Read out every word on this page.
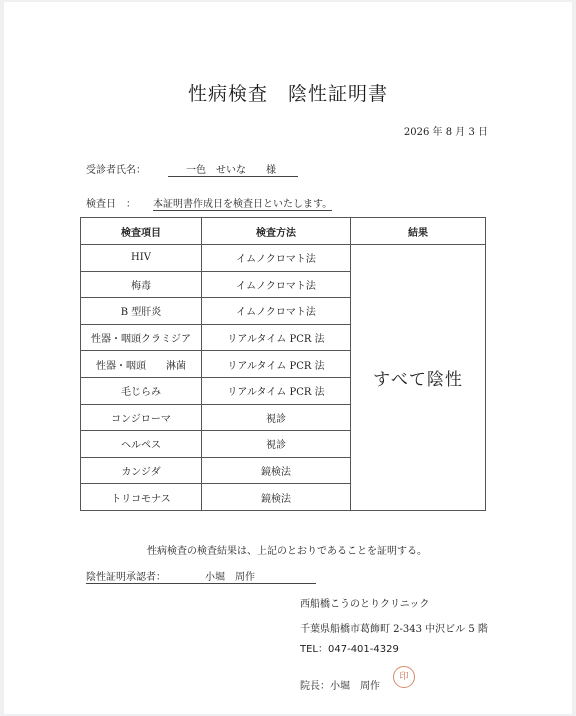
性病検査　陰性証明書
2026 年 8 月 3 日
受診者氏名：	一色　せいな　　様
検査日　： 本証明書作成日を検査日といたします。
検査項目	検査方法	結果
HIV	イムノクロマト法	すべて陰性
梅毒	イムノクロマト法	
B 型肝炎	イムノクロマト法	
性器・咽頭クラミジア	リアルタイム PCR 法	
性器・咽頭　　淋菌	リアルタイム PCR 法	
毛じらみ	リアルタイム PCR 法	
コンジローマ	視診	
ヘルペス	視診	
カンジダ	鏡検法	
トリコモナス	鏡検法	
性病検査の検査結果は、上記のとおりであることを証明する。
陰性証明承認者：	小堀　周作
西船橋こうのとりクリニック
千葉県船橋市葛飾町 2-343 中沢ビル 5 階
TEL：047-401-4329
院長：小堀　周作
印
